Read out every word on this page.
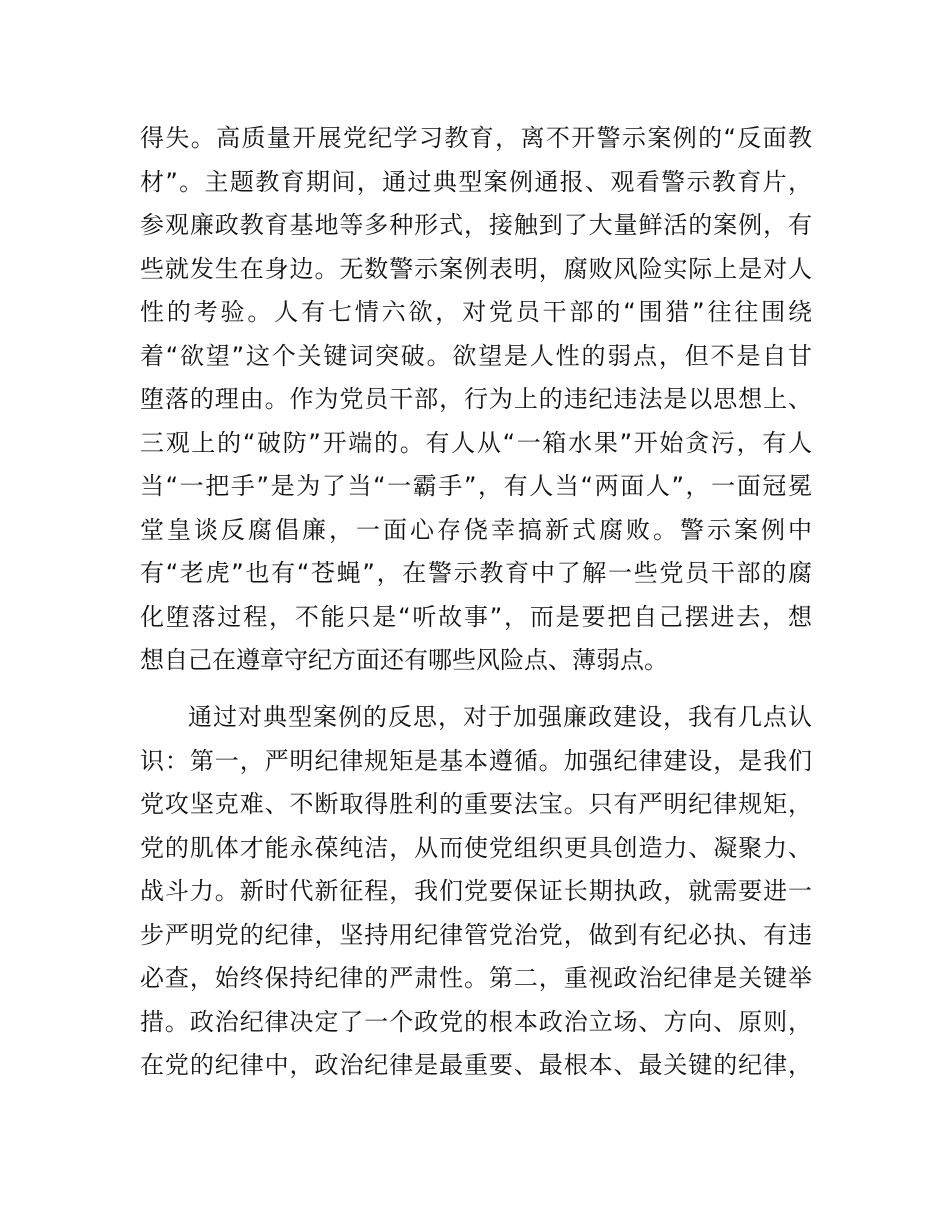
得失。高质量开展党纪学习教育，离不开警示案例的“反面教
材”。主题教育期间，通过典型案例通报、观看警示教育片，
参观廉政教育基地等多种形式，接触到了大量鲜活的案例，有
些就发生在身边。无数警示案例表明，腐败风险实际上是对人
性的考验。人有七情六欲，对党员干部的“围猎”往往围绕
着“欲望”这个关键词突破。欲望是人性的弱点，但不是自甘
堕落的理由。作为党员干部，行为上的违纪违法是以思想上、
三观上的“破防”开端的。有人从“一箱水果”开始贪污，有人
当“一把手”是为了当“一霸手”，有人当“两面人”，一面冠冕
堂皇谈反腐倡廉，一面心存侥幸搞新式腐败。警示案例中
有“老虎”也有“苍蝇”，在警示教育中了解一些党员干部的腐
化堕落过程，不能只是“听故事”，而是要把自己摆进去，想
想自己在遵章守纪方面还有哪些风险点、薄弱点。
通过对典型案例的反思，对于加强廉政建设，我有几点认
识：第一，严明纪律规矩是基本遵循。加强纪律建设，是我们
党攻坚克难、不断取得胜利的重要法宝。只有严明纪律规矩，
党的肌体才能永葆纯洁，从而使党组织更具创造力、凝聚力、
战斗力。新时代新征程，我们党要保证长期执政，就需要进一
步严明党的纪律，坚持用纪律管党治党，做到有纪必执、有违
必查，始终保持纪律的严肃性。第二，重视政治纪律是关键举
措。政治纪律决定了一个政党的根本政治立场、方向、原则，
在党的纪律中，政治纪律是最重要、最根本、最关键的纪律，
